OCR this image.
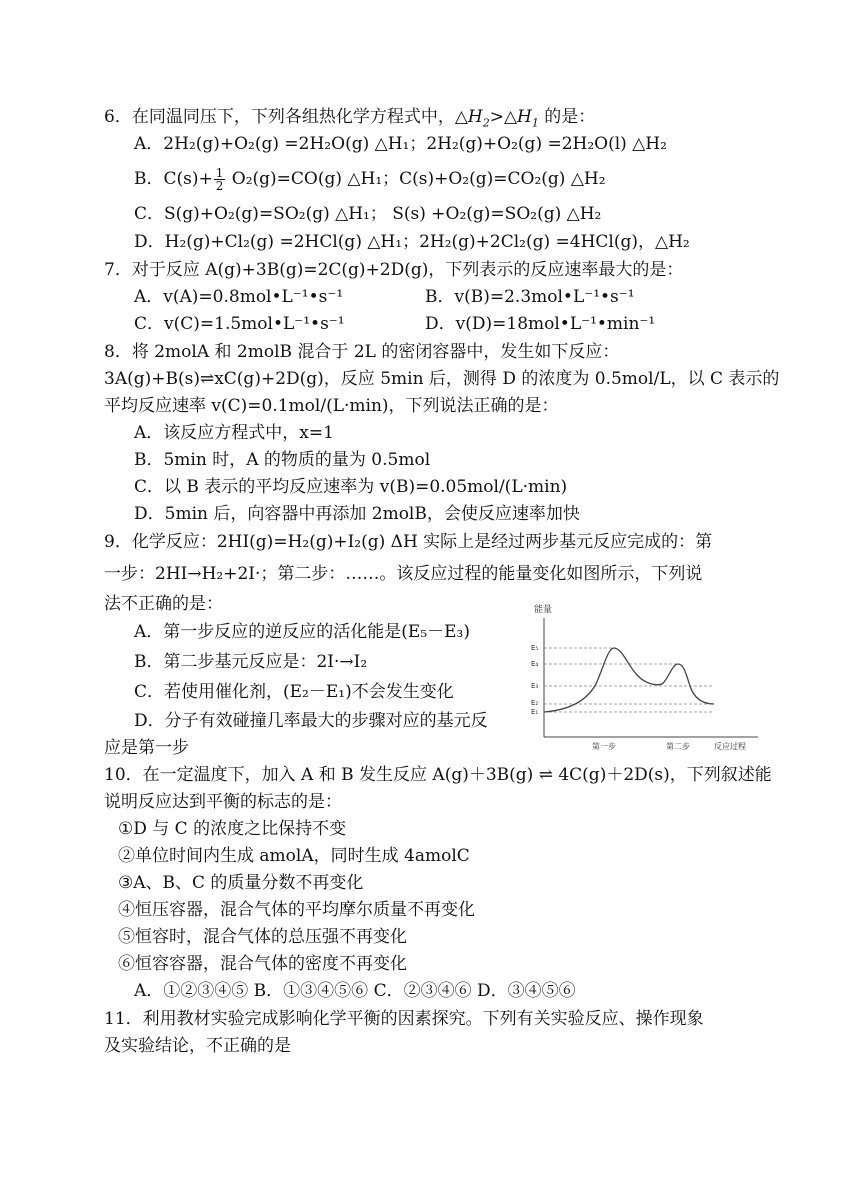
6．在同温同压下，下列各组热化学方程式中，$\triangle H_2>\triangle H_1$ 的是：
A．2H₂(g)+O₂(g) =2H₂O(g) △H₁；2H₂(g)+O₂(g) =2H₂O(l) △H₂
B．$C(s)+ \frac{1}{2} O_2(g)=CO(g)$ △H₁；C(s)+O₂(g)=CO₂(g) △H₂
C．S(g)+O₂(g)=SO₂(g) △H₁； S(s) +O₂(g)=SO₂(g) △H₂
D．H₂(g)+Cl₂(g) =2HCl(g) △H₁；2H₂(g)+2Cl₂(g) =4HCl(g)，△H₂
7．对于反应 A(g)+3B(g)=2C(g)+2D(g)，下列表示的反应速率最大的是：
A．v(A)=0.8mol•L⁻¹•s⁻¹	B．v(B)=2.3mol•L⁻¹•s⁻¹
C．v(C)=1.5mol•L⁻¹•s⁻¹	D．v(D)=18mol•L⁻¹•min⁻¹
8．将 2molA 和 2molB 混合于 2L 的密闭容器中，发生如下反应：
3A(g)+B(s)⇌xC(g)+2D(g)，反应 5min 后，测得 D 的浓度为 0.5mol/L，以 C 表示的
平均反应速率 v(C)=0.1mol/(L·min)，下列说法正确的是：
A．该反应方程式中，x=1
B．5min 时，A 的物质的量为 0.5mol
C．以 B 表示的平均反应速率为 v(B)=0.05mol/(L·min)
D．5min 后，向容器中再添加 2molB，会使反应速率加快
9．化学反应：2HI(g)=H₂(g)+I₂(g) ΔH 实际上是经过两步基元反应完成的：第
一步：2HI→H₂+2I·；第二步：……。该反应过程的能量变化如图所示，下列说
法不正确的是：
A．第一步反应的逆反应的活化能是(E₅－E₃)
B．第二步基元反应是：2I·→I₂
C．若使用催化剂，(E₂－E₁)不会发生变化
D．分子有效碰撞几率最大的步骤对应的基元反
应是第一步
能量
E₅
E₄
E₃
E₂
E₁
第一步	第二步	反应过程
10．在一定温度下，加入 A 和 B 发生反应 A(g)＋3B(g) ⇌ 4C(g)＋2D(s)，下列叙述能
说明反应达到平衡的标志的是：
①D 与 C 的浓度之比保持不变
②单位时间内生成 amolA，同时生成 4amolC
③A、B、C 的质量分数不再变化
④恒压容器，混合气体的平均摩尔质量不再变化
⑤恒容时，混合气体的总压强不再变化
⑥恒容容器，混合气体的密度不再变化
A．①②③④⑤ B．①③④⑤⑥ C．②③④⑥ D．③④⑤⑥
11．利用教材实验完成影响化学平衡的因素探究。下列有关实验反应、操作现象
及实验结论，不正确的是
